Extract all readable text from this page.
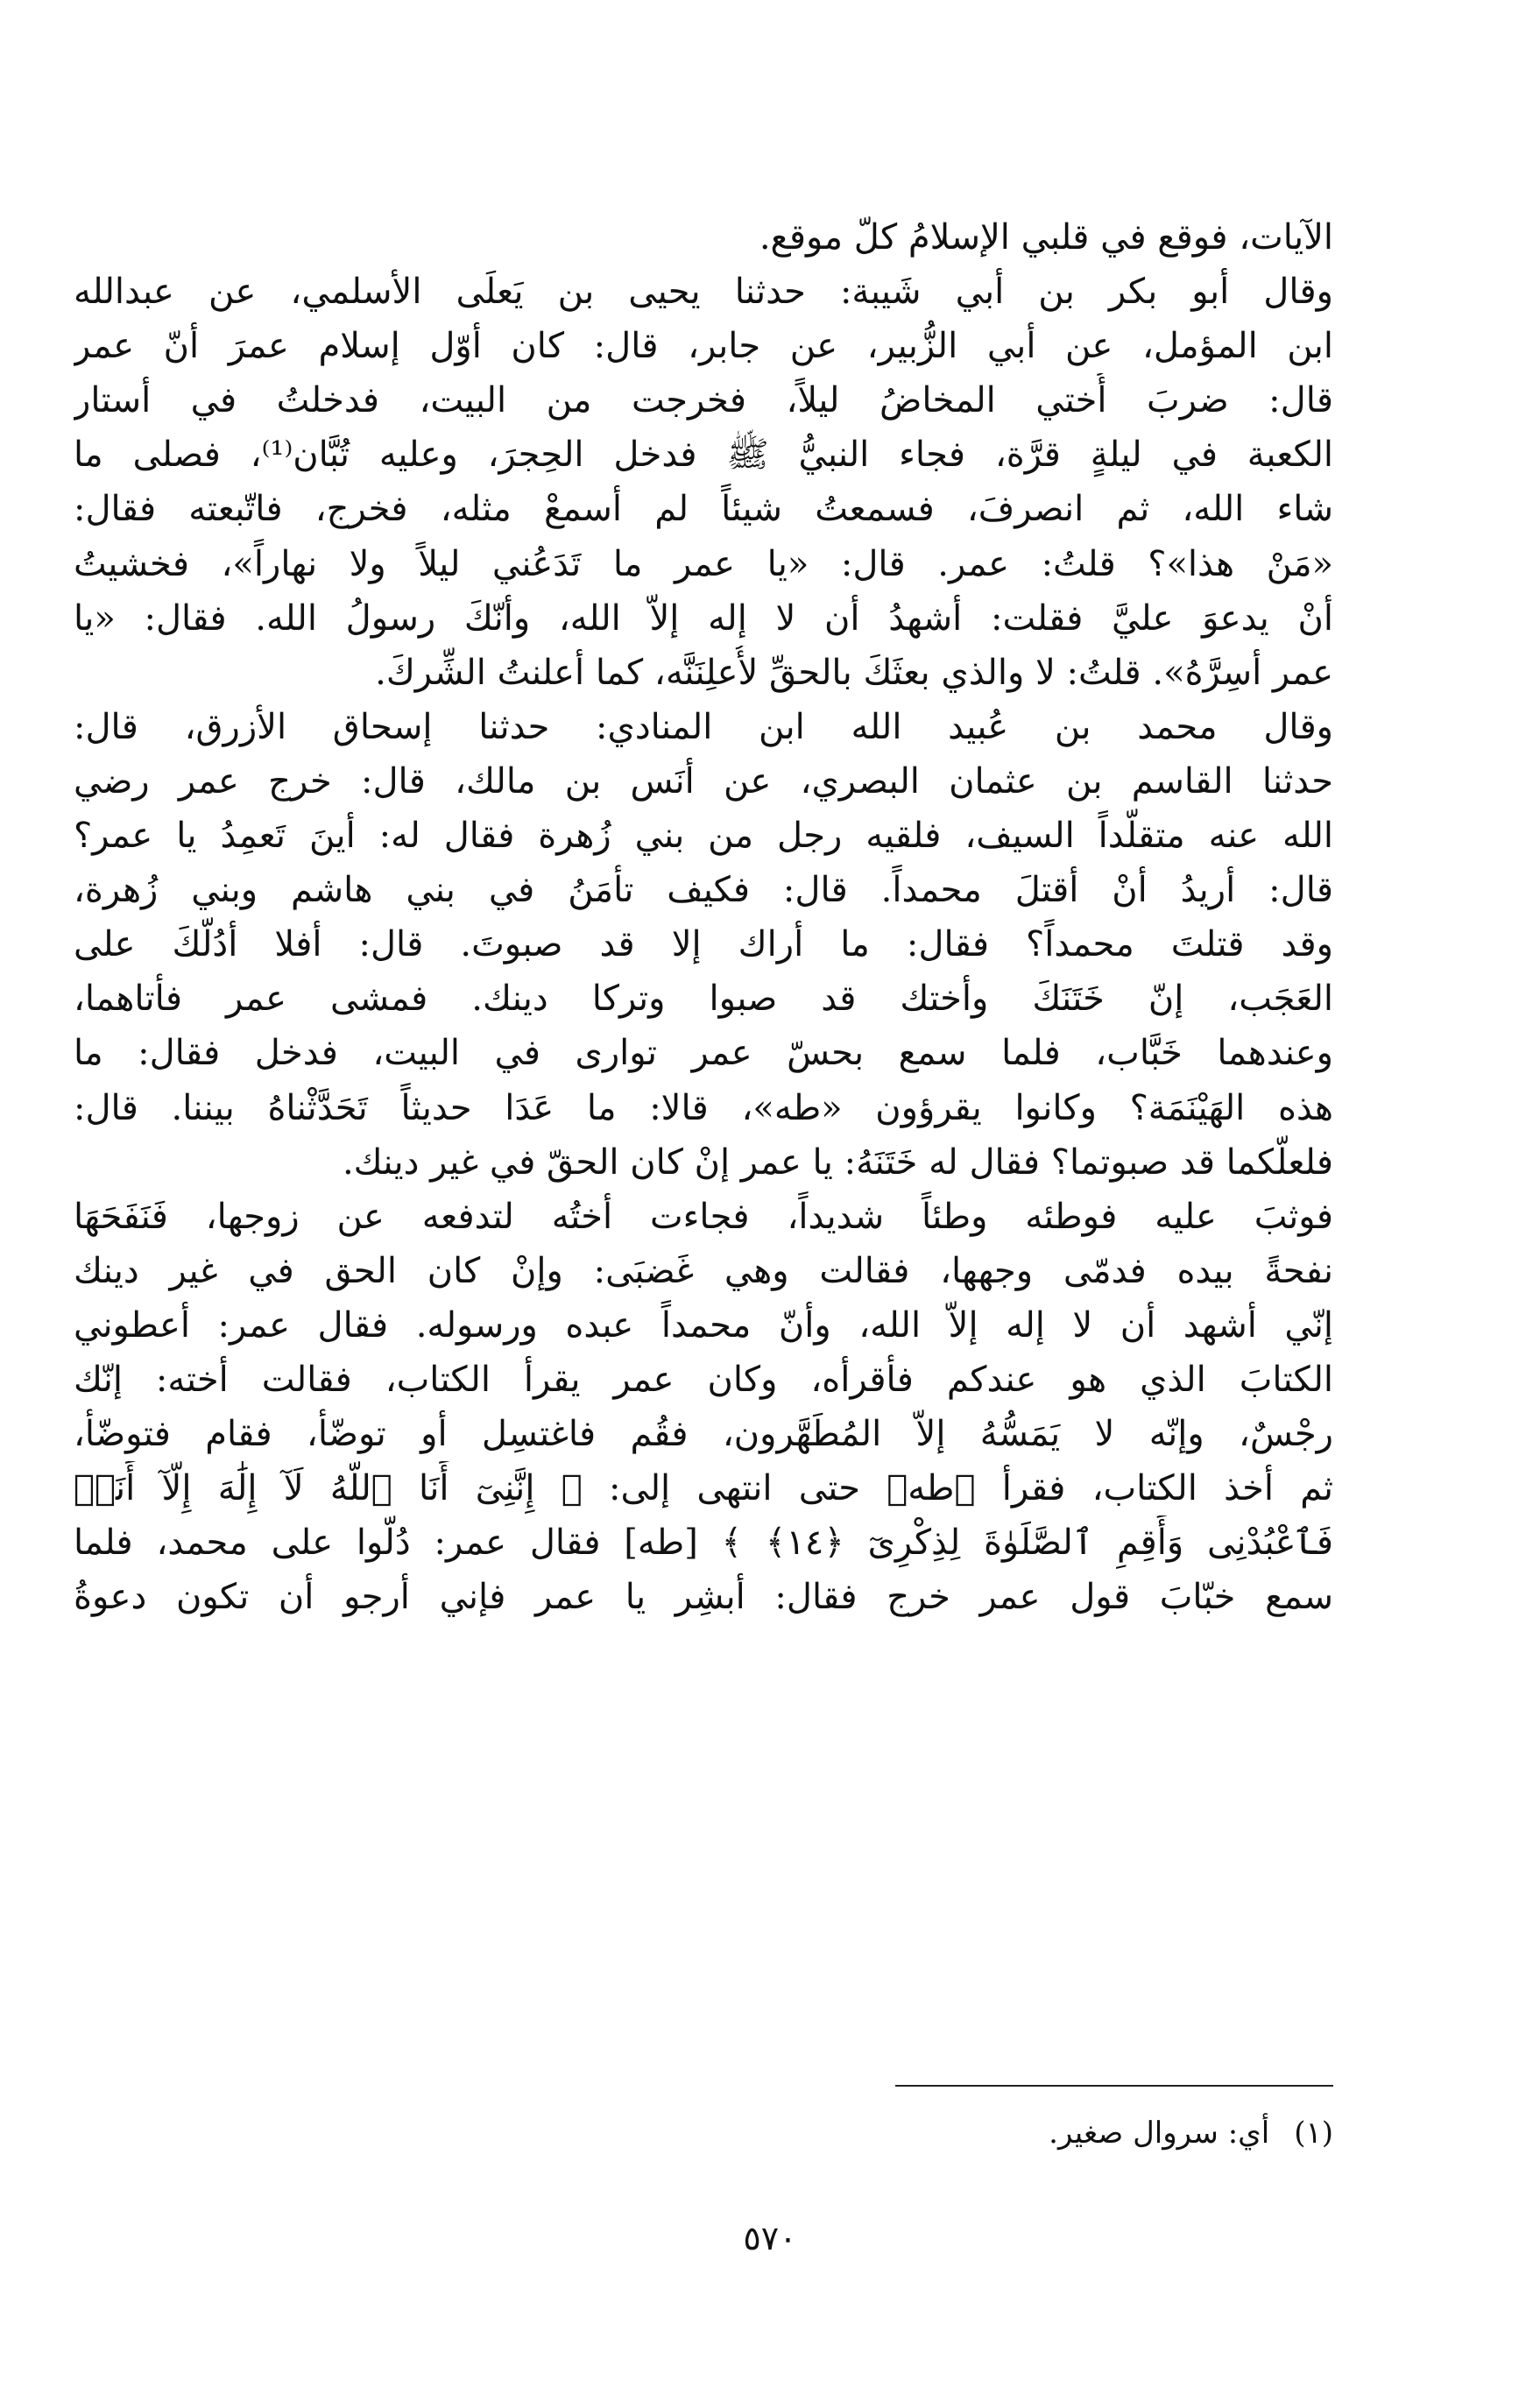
الآيات، فوقع في قلبي الإسلامُ كلّ موقع.
وقال أبو بكر بن أبي شَيبة: حدثنا يحيى بن يَعلَى الأسلمي، عن عبدالله
ابن المؤمل، عن أبي الزُّبير، عن جابر، قال: كان أوّل إسلام عمرَ أنّ عمر
قال: ضربَ أُختي المخاضُ ليلاً، فخرجت من البيت، فدخلتُ في أستار
الكعبة في ليلةٍ قرَّة، فجاء النبيُّ ﷺ فدخل الحِجرَ، وعليه تُبَّان⁽¹⁾، فصلى ما
شاء الله، ثم انصرفَ، فسمعتُ شيئاً لم أسمعْ مثله، فخرج، فاتّبعته فقال:
«مَنْ هذا»؟ قلتُ: عمر. قال: «يا عمر ما تَدَعُني ليلاً ولا نهاراً»، فخشيتُ
أنْ يدعوَ عليَّ فقلت: أشهدُ أن لا إله إلاّ الله، وأنّكَ رسولُ الله. فقال: «يا
عمر أسِرَّهُ». قلتُ: لا والذي بعثَكَ بالحقِّ لأُعلِنَنَّه، كما أعلنتُ الشِّركَ.
وقال محمد بن عُبيد الله ابن المنادي: حدثنا إسحاق الأزرق، قال:
حدثنا القاسم بن عثمان البصري، عن أنَس بن مالك، قال: خرج عمر رضي
الله عنه متقلّداً السيف، فلقيه رجل من بني زُهرة فقال له: أينَ تَعمِدُ يا عمر؟
قال: أريدُ أنْ أقتلَ محمداً. قال: فكيف تأمَنُ في بني هاشم وبني زُهرة،
وقد قتلتَ محمداً؟ فقال: ما أراك إلا قد صبوتَ. قال: أفلا أدُلُّكَ على
العَجَب، إنّ خَتَنَكَ وأختك قد صبوا وتركا دينك. فمشى عمر فأتاهما،
وعندهما خَبَّاب، فلما سمع بحسّ عمر توارى في البيت، فدخل فقال: ما
هذه الهَيْنَمَة؟ وكانوا يقرؤون «طه»، قالا: ما عَدَا حديثاً تَحَدَّثْناهُ بيننا. قال:
فلعلّكما قد صبوتما؟ فقال له خَتَنَهُ: يا عمر إنْ كان الحقّ في غير دينك.
فوثبَ عليه فوطئه وطئاً شديداً، فجاءت أختُه لتدفعه عن زوجها، فَنَفَحَهَا
نفحةً بيده فدمّى وجهها، فقالت وهي غَضبَى: وإنْ كان الحق في غير دينك
إنّي أشهد أن لا إله إلاّ الله، وأنّ محمداً عبده ورسوله. فقال عمر: أعطوني
الكتابَ الذي هو عندكم فأقرأه، وكان عمر يقرأ الكتاب، فقالت أخته: إنّك
رجْسٌ، وإنّه لا يَمَسُّهُ إلاّ المُطَهَّرون، فقُم فاغتسِل أو توضّأ، فقام فتوضّأ،
ثم أخذ الكتاب، فقرأ ﴿طه﴾ حتى انتهى إلى: ﴿ إِنَّنِىٓ أَنَا ٱللَّهُ لَآ إِلَٰهَ إِلَّآ أَنَا۠
فَٱعْبُدْنِى وَأَقِمِ ٱلصَّلَوٰةَ لِذِكْرِىٓ ﴿١٤﴾ ﴾ [طه] فقال عمر: دُلُّوا على محمد، فلما
سمع خبّابَ قول عمر خرج فقال: أبشِر يا عمر فإني أرجو أن تكون دعوةُ
(١)أي: سروال صغير.
٥٧٠
